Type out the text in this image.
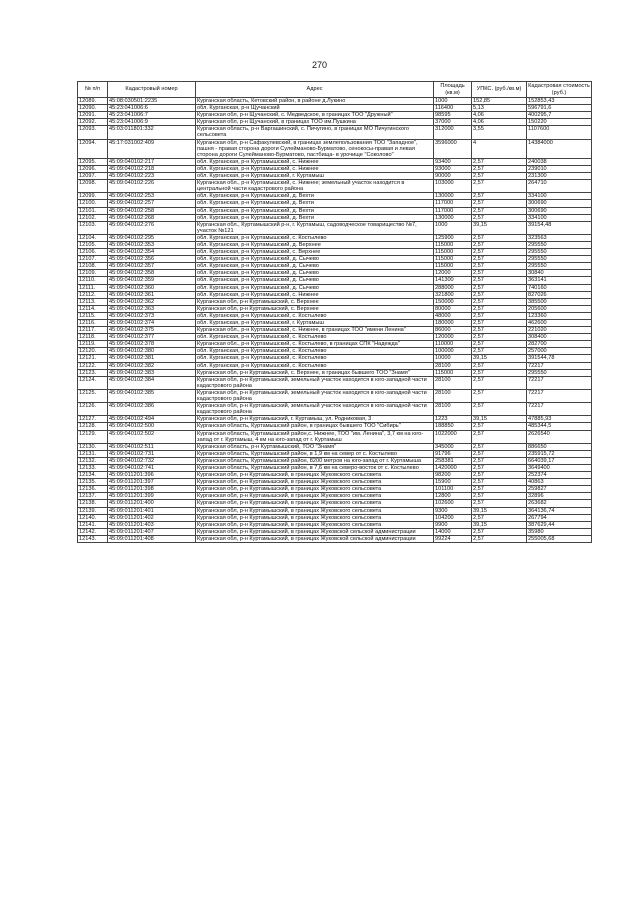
270
№ п/п	Кадастровый номер	Адрес	Площадь (кв.м)	УПКС. (руб./кв.м)	Кадастровая стоимость (руб.)
12089.	45:08:030501:2235	Курганская область, Кетовский район, в районе д.Лукино	1000	152,85	152853,43
12090.	45:23:041006:6	обл. Курганская, р-н Щучанский	116400	5,13	596791,6
12091.	45:23:041006:7	Курганская обл, р-н Щучанский, с. Медведское, в границах ТОО "Дружный"	98595	4,06	400295,7
12092.	45:23:041006:9	Курганская обл, р-н Щучанский, в границах ТОО им.Пушкина	37000	4,06	150220
12093.	45:03:011801:332	Курганская область, р-н Варгашинский, с. Пичугино, в границах МО Пичугинского сельсовета	312000	3,55	1107600
12094.	45:17:031002:409	Курганская обл, р-н Сафакулевский, в границах землепользования ТОО "Западное", пашня - правая сторона дороги Сулейманово-Бурматово, сенокосы-правая и левая сторона дороги Сулейманово-Бурматово, пастбища- в урочище "Соколово"	3596000	4	14384000
12095.	45:09:040102:217	обл. Курганская, р-н Куртамышский, с. Нижнее	93400	2,57	240038
12096.	45:09:040102:218	обл. Курганская, р-н Куртамышский, с. Нижнее	93000	2,57	239010
12097.	45:09:040102:223	обл. Курганская, р-н Куртамышский, г. Куртамыш	90000	2,57	231300
12098.	45:09:040102:226	Курганская обл., р-н Куртамышский, с. Нижнее; земельный участок находится в центральной части кадастрового района	103000	2,57	264710
12099.	45:09:040102:253	обл. Курганская, р-н Куртамышский, д. Вехти	130000	2,57	334100
12100.	45:09:040102:257	обл. Курганская, р-н Куртамышский, д. Вехти	117000	2,57	300690
12101.	45:09:040102:258	обл. Курганская, р-н Куртамышский, д. Вехти	117000	2,57	300690
12102.	45:09:040102:268	обл. Курганская, р-н Куртамышский, д. Вехти	130000	2,57	334100
12103.	45:09:040102:276	Курганская обл., Куртамышский р-н, г. Куртамыш, садоводческое товарищество №7, участок №121	1000	39,15	39154,48
12104.	45:09:040102:295	обл. Курганская, р-н Куртамышский, с. Костылево	125900	2,57	323563
12105.	45:09:040102:353	обл. Курганская, р-н Куртамышский, д. Верхнее	115000	2,57	295550
12106.	45:09:040102:354	обл. Курганская, р-н Куртамышский, с. Верхнее	115000	2,57	295550
12107.	45:09:040102:356	обл. Курганская, р-н Куртамышский, д. Сычево	115000	2,57	295550
12108.	45:09:040102:357	обл. Курганская, р-н Куртамышский, д. Сычево	115000	2,57	295550
12109.	45:09:040102:358	обл. Курганская, р-н Куртамышский, д. Сычево	12000	2,57	30840
12110.	45:09:040102:359	обл. Курганская, р-н Куртамышский, д. Сычево	141300	2,57	363141
12111.	45:09:040102:360	обл. Курганская, р-н Куртамышский, д. Сычево	288000	2,57	740160
12112.	45:09:040102:361	обл. Курганская, р-н Куртамышский, с. Нижнее	321800	2,57	827026
12113.	45:09:040102:362	Курганская обл, р-н Куртамышский, с. Верхнее	150000	2,57	385500
12114.	45:09:040102:363	Курганская обл, р-н Куртамышский, с. Верхнее	80000	2,57	205600
12115.	45:09:040102:373	обл. Курганская, р-н Куртамышский, с. Костылево	48000	2,57	123360
12116.	45:09:040102:374	обл. Курганская, р-н Куртамышский, г. Куртамыш	180000	2,57	462600
12117.	45:09:040102:375	Курганская обл., р-н Куртамышский, с. Нижнее, в границах ТОО "имени Ленина"	86000	2,57	221020
12118.	45:09:040102:377	обл. Курганская, р-н Куртамышский, с. Костылево	120000	2,57	308400
12119.	45:09:040102:378	Курганская обл., р-н Куртамышский, с. Костылево, в границах СПК "Надежда"	110000	2,57	282700
12120.	45:09:040102:380	обл. Курганская, р-н Куртамышский, с. Костылево	100000	2,57	257000
12121.	45:09:040102:381	обл. Курганская, р-н Куртамышский, с. Костылево	10000	39,15	391544,78
12122.	45:09:040102:382	обл. Курганская, р-н Куртамышский, с. Костылево	28100	2,57	72217
12123.	45:09:040102:383	Курганская обл, р-н Куртамышский, с. Верхнее, в границах бывшего ТОО "Знамя"	115000	2,57	295550
12124.	45:09:040102:384	Курганская обл, р-н Куртамышский, земельный участок находится в юго-западной части кадастрового района	28100	2,57	72217
12125.	45:09:040102:385	Курганская обл, р-н Куртамышский, земельный участок находится в юго-западной части кадастрового района	28100	2,57	72217
12126.	45:09:040102:386	Курганская обл, р-н Куртамышский, земельный участок находится в юго-западной части кадастрового района	28100	2,57	72217
12127.	45:09:040102:494	Курганская обл, р-н Куртамышский, г. Куртамыш, ул. Родниковая, 3	1223	39,15	47885,93
12128.	45:09:040102:500	Курганская область, Куртамышский район, в границах бывшего ТОО "Сибирь"	188850	2,57	485344,5
12129.	45:09:040102:502	Курганская область, Куртамышский район,с. Нижнее, ТОО "им. Ленина", 3,7 км на юго-запад от г. Куртамыш, 4 км на юго-запад от г. Куртамыш	1022000	2,57	2626540
12130.	45:09:040102:511	Курганская область, р-н Куртамышский, ТОО "Знамя"	345000	2,57	886650
12131.	45:09:040102:731	Курганская область, Куртамышский район, в 1,9 км на север от с. Костылево	91796	2,57	235915,72
12132.	45:09:040102:732	Курганская область, Куртамышский район, 8200 метров на юго-запад от г. Куртамыша	258381	2,57	664039,17
12133.	45:09:040102:741	Курганская область, Куртамышский район, в 7,6 км на северо-восток от с. Костылево	1420000	2,57	3649400
12134.	45:09:011201:396	Курганская обл, р-н Куртамышский, в границах Жуковского сельсовета	98200	2,57	252374
12135.	45:09:011201:397	Курганская обл, р-н Куртамышский, в границах Жуковского сельсовета	15900	2,57	40863
12136.	45:09:011201:398	Курганская обл, р-н Куртамышский, в границах Жуковского сельсовета	101100	2,57	259827
12137.	45:09:011201:399	Курганская обл, р-н Куртамышский, в границах Жуковского сельсовета	12800	2,57	32896
12138.	45:09:011201:400	Курганская обл, р-н Куртамышский, в границах Жуковского сельсовета	102600	2,57	263682
12139.	45:09:011201:401	Курганская обл, р-н Куртамышский, в границах Жуковского сельсовета	9300	39,15	364136,74
12140.	45:09:011201:402	Курганская обл, р-н Куртамышский, в границах Жуковского сельсовета	104200	2,57	267794
12141.	45:09:011201:403	Курганская обл, р-н Куртамышский, в границах Жуковского сельсовета	9900	39,15	387629,44
12142.	45:09:011201:407	Курганская обл, р-н Куртамышский, в границах Жуковской сельской администрации	14000	2,57	35980
12143.	45:09:011201:408	Курганская обл, р-н Куртамышский, в границах Жуковской сельской администрации	99224	2,57	255005,68
